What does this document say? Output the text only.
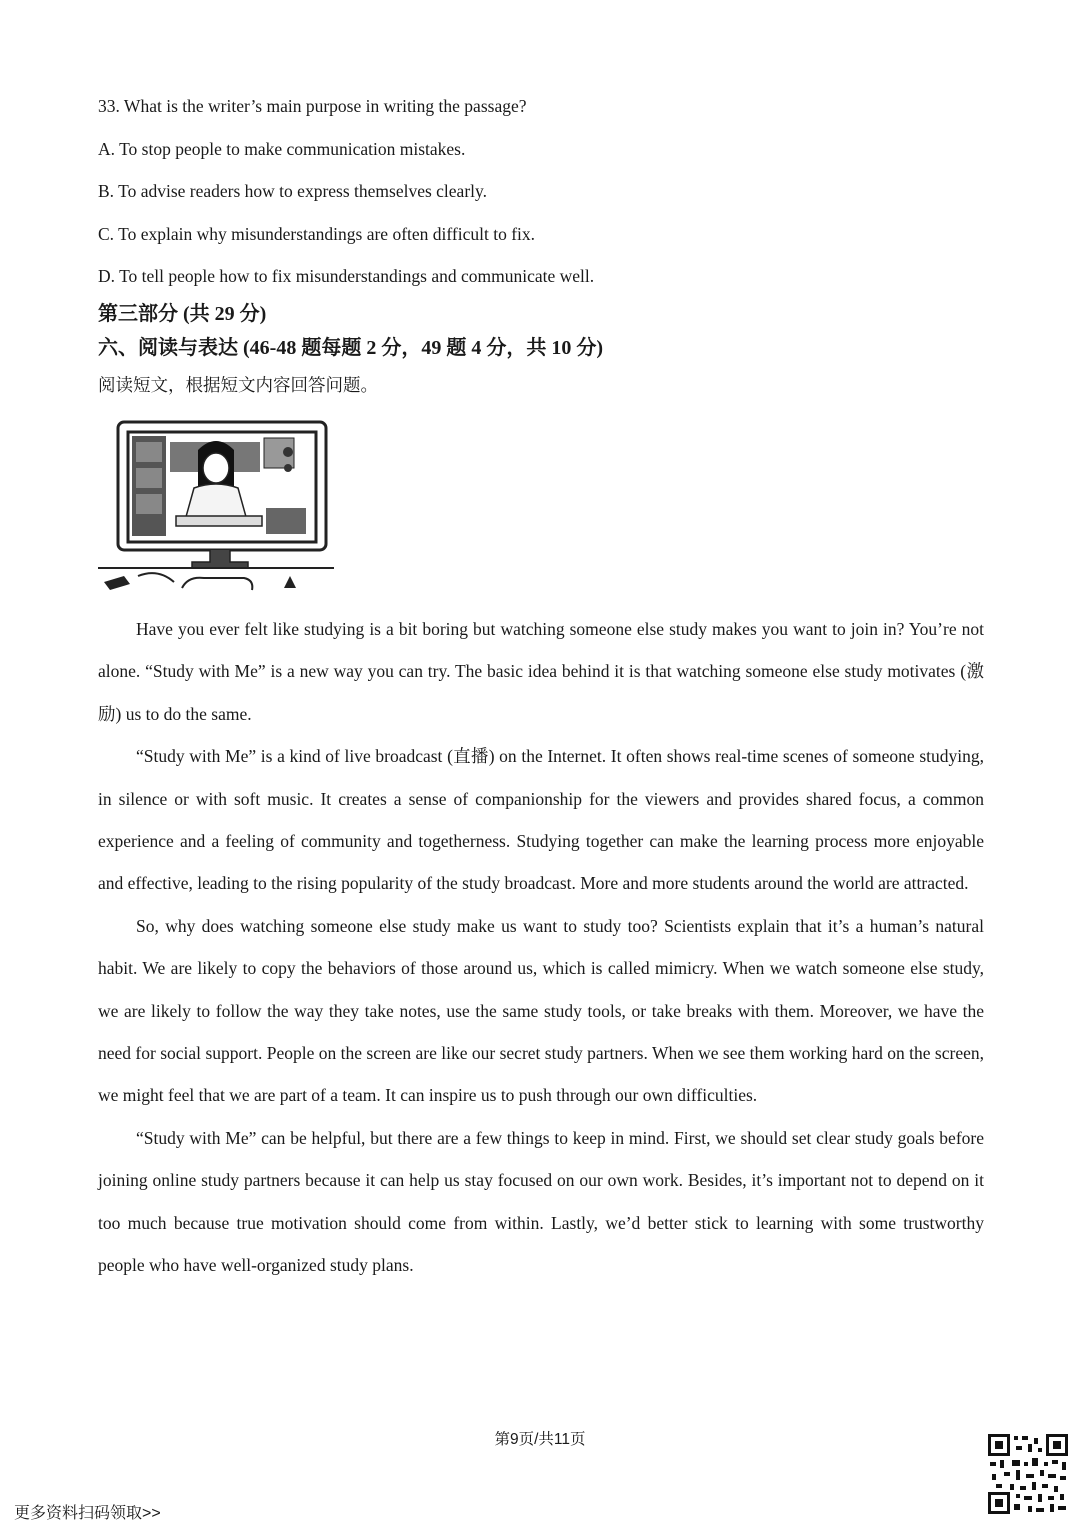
33. What is the writer’s main purpose in writing the passage?
A. To stop people to make communication mistakes.
B. To advise readers how to express themselves clearly.
C. To explain why misunderstandings are often difficult to fix.
D. To tell people how to fix misunderstandings and communicate well.
第三部分 (共 29 分)
六、阅读与表达 (46-48 题每题 2 分，49 题 4 分，共 10 分)
阅读短文，根据短文内容回答问题。

Have you ever felt like studying is a bit boring but watching someone else study makes you want to join in? You’re not alone. “Study with Me” is a new way you can try. The basic idea behind it is that watching someone else study motivates (激励) us to do the same.

“Study with Me” is a kind of live broadcast (直播) on the Internet. It often shows real-time scenes of someone studying, in silence or with soft music. It creates a sense of companionship for the viewers and provides shared focus, a common experience and a feeling of community and togetherness. Studying together can make the learning process more enjoyable and effective, leading to the rising popularity of the study broadcast. More and more students around the world are attracted.

So, why does watching someone else study make us want to study too? Scientists explain that it’s a human’s natural habit. We are likely to copy the behaviors of those around us, which is called mimicry. When we watch someone else study, we are likely to follow the way they take notes, use the same study tools, or take breaks with them. Moreover, we have the need for social support. People on the screen are like our secret study partners. When we see them working hard on the screen, we might feel that we are part of a team. It can inspire us to push through our own difficulties.

“Study with Me” can be helpful, but there are a few things to keep in mind. First, we should set clear study goals before joining online study partners because it can help us stay focused on our own work. Besides, it’s important not to depend on it too much because true motivation should come from within. Lastly, we’d better stick to learning with some trustworthy people who have well-organized study plans.

第9页/共11页
更多资料扫码领取>>
